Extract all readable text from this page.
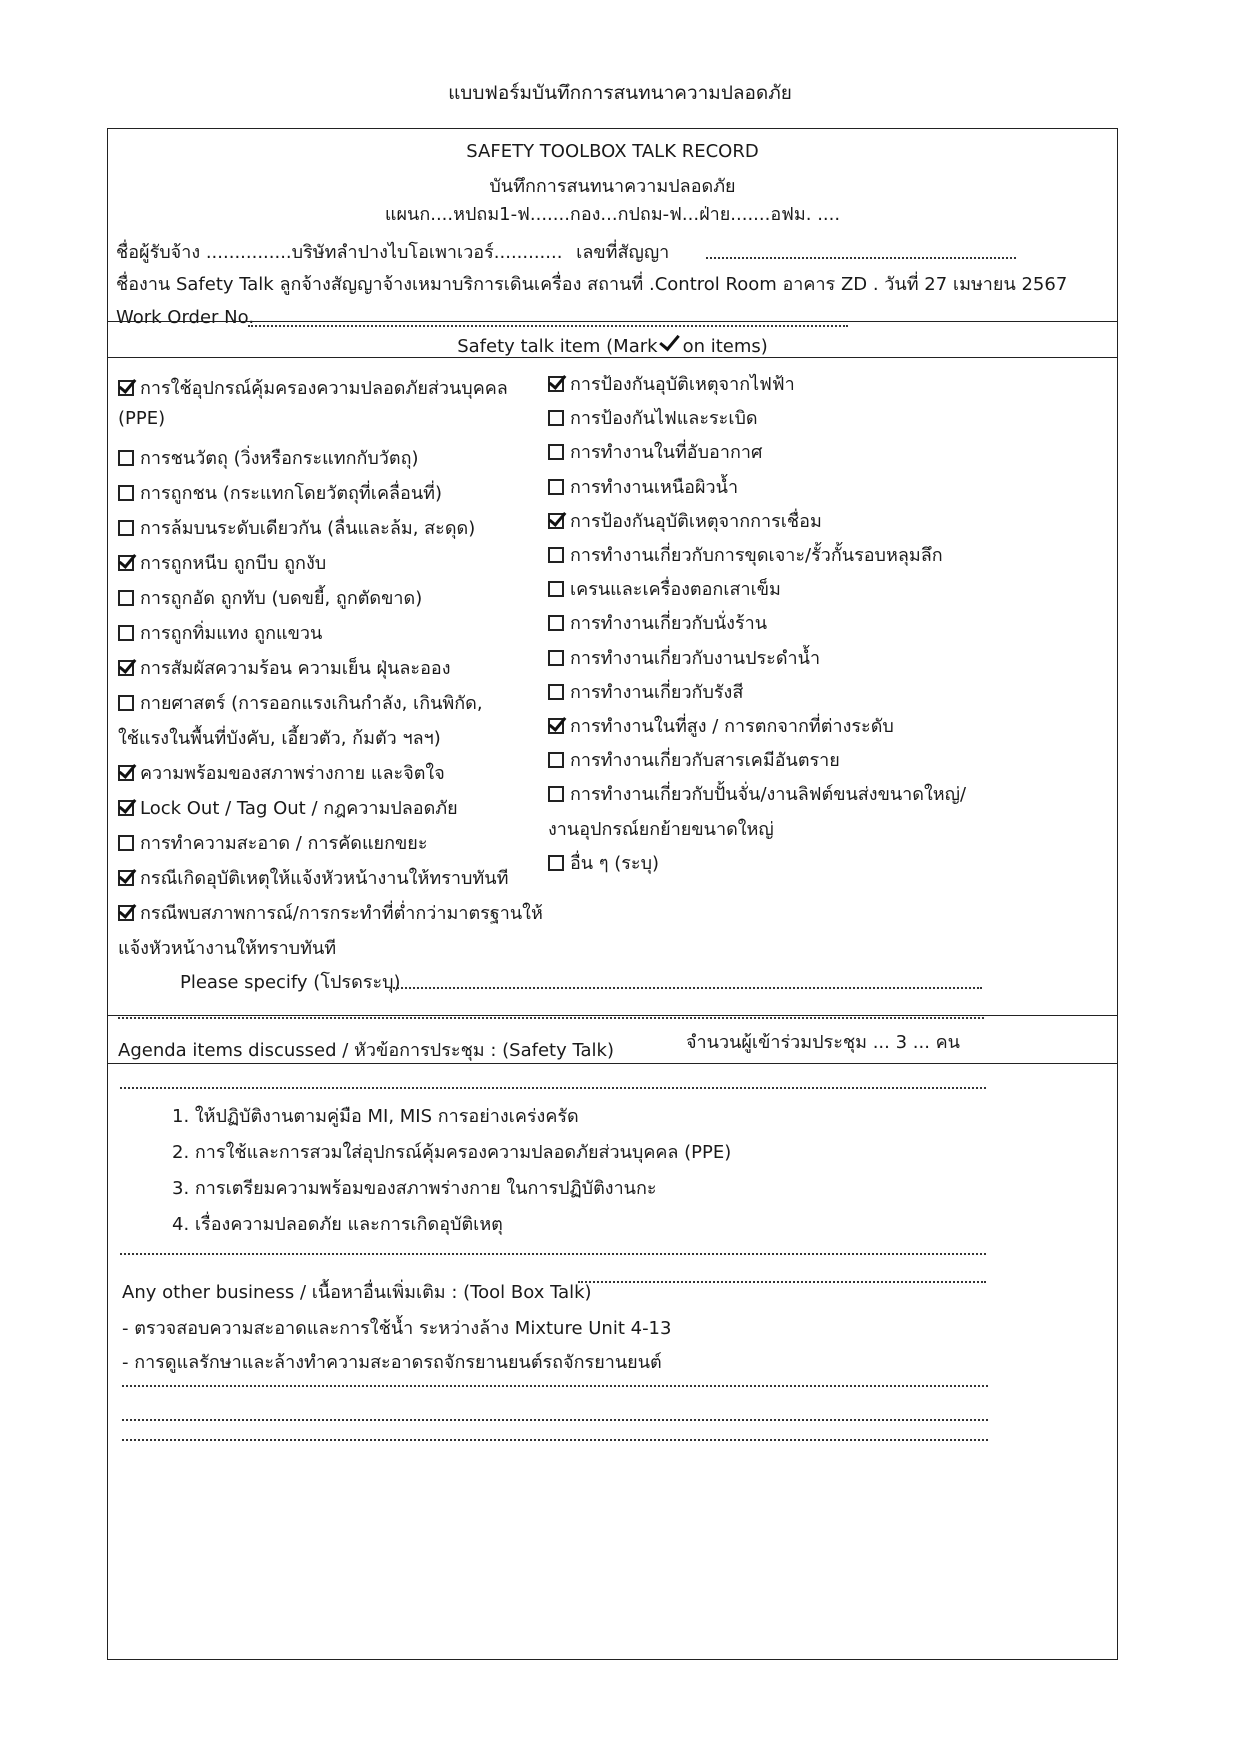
แบบฟอร์มบันทึกการสนทนาความปลอดภัย
SAFETY TOOLBOX TALK RECORD
บันทึกการสนทนาความปลอดภัย
แผนก....หปถม1-ฟ.......กอง...กปถม-ฟ...ฝ่าย.......อฟม. ....
ชื่อผู้รับจ้าง ...............บริษัทลำปางไบโอเพาเวอร์............ เลขที่สัญญา
ชื่องาน Safety Talk ลูกจ้างสัญญาจ้างเหมาบริการเดินเครื่อง สถานที่ .Control Room อาคาร ZD . วันที่ 27 เมษายน 2567
Work Order No.
Safety talk item (Mark on items)
การใช้อุปกรณ์คุ้มครองความปลอดภัยส่วนบุคคล
(PPE)
การชนวัตถุ (วิ่งหรือกระแทกกับวัตถุ)
การถูกชน (กระแทกโดยวัตถุที่เคลื่อนที่)
การล้มบนระดับเดียวกัน (ลื่นและล้ม, สะดุด)
การถูกหนีบ ถูกบีบ ถูกงับ
การถูกอัด ถูกทับ (บดขยี้, ถูกตัดขาด)
การถูกทิ่มแทง ถูกแขวน
การสัมผัสความร้อน ความเย็น ฝุ่นละออง
กายศาสตร์ (การออกแรงเกินกำลัง, เกินพิกัด,
ใช้แรงในพื้นที่บังคับ, เอี้ยวตัว, ก้มตัว ฯลฯ)
ความพร้อมของสภาพร่างกาย และจิตใจ
Lock Out / Tag Out / กฎความปลอดภัย
การทำความสะอาด / การคัดแยกขยะ
กรณีเกิดอุบัติเหตุให้แจ้งหัวหน้างานให้ทราบทันที
กรณีพบสภาพการณ์/การกระทำที่ต่ำกว่ามาตรฐานให้
แจ้งหัวหน้างานให้ทราบทันที
การป้องกันอุบัติเหตุจากไฟฟ้า
การป้องกันไฟและระเบิด
การทำงานในที่อับอากาศ
การทำงานเหนือผิวน้ำ
การป้องกันอุบัติเหตุจากการเชื่อม
การทำงานเกี่ยวกับการขุดเจาะ/รั้วกั้นรอบหลุมลึก
เครนและเครื่องตอกเสาเข็ม
การทำงานเกี่ยวกับนั่งร้าน
การทำงานเกี่ยวกับงานประดำน้ำ
การทำงานเกี่ยวกับรังสี
การทำงานในที่สูง / การตกจากที่ต่างระดับ
การทำงานเกี่ยวกับสารเคมีอันตราย
การทำงานเกี่ยวกับปั้นจั่น/งานลิฟต์ขนส่งขนาดใหญ่/
งานอุปกรณ์ยกย้ายขนาดใหญ่
อื่น ๆ (ระบุ)
Please specify (โปรดระบุ)
Agenda items discussed / หัวข้อการประชุม : (Safety Talk)	จำนวนผู้เข้าร่วมประชุม ... 3 ... คน
1. ให้ปฏิบัติงานตามคู่มือ MI, MIS การอย่างเคร่งครัด
2. การใช้และการสวมใส่อุปกรณ์คุ้มครองความปลอดภัยส่วนบุคคล (PPE)
3. การเตรียมความพร้อมของสภาพร่างกาย ในการปฏิบัติงานกะ
4. เรื่องความปลอดภัย และการเกิดอุบัติเหตุ
Any other business / เนื้อหาอื่นเพิ่มเติม : (Tool Box Talk)
- ตรวจสอบความสะอาดและการใช้น้ำ ระหว่างล้าง Mixture Unit 4-13
- การดูแลรักษาและล้างทำความสะอาดรถจักรยานยนต์รถจักรยานยนต์
